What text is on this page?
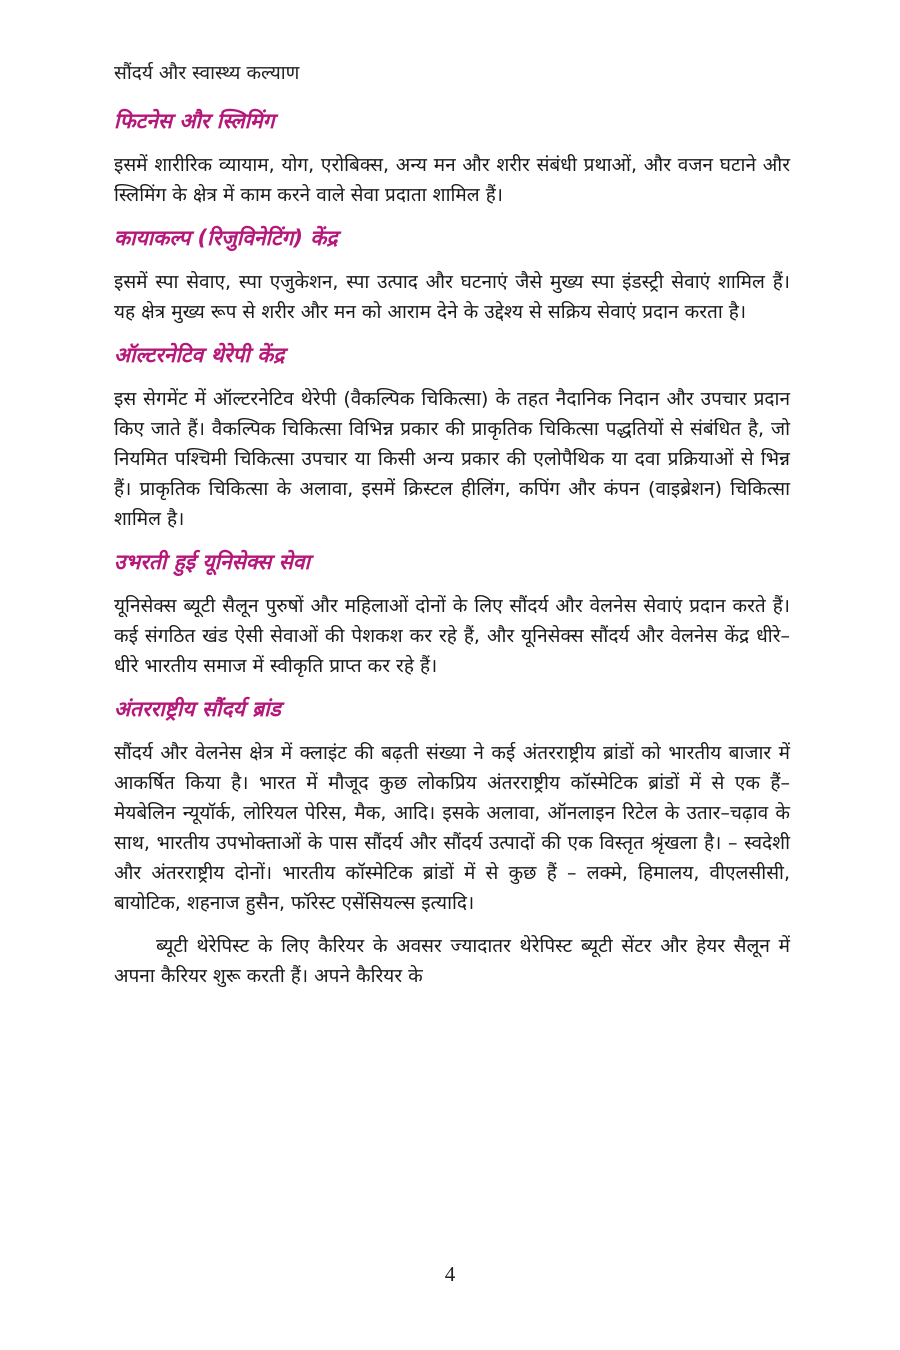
सौंदर्य और स्वास्थ्य कल्याण
फिटनेस और स्लिमिंग

इसमें शारीरिक व्यायाम, योग, एरोबिक्स, अन्य मन और शरीर संबंधी प्रथाओं, और वजन घटाने और स्लिमिंग के क्षेत्र में काम करने वाले सेवा प्रदाता शामिल हैं।

कायाकल्प (रिजुविनेटिंग) केंद्र

इसमें स्पा सेवाए, स्पा एजुकेशन, स्पा उत्पाद और घटनाएं जैसे मुख्य स्पा इंडस्ट्री सेवाएं शामिल हैं। यह क्षेत्र मुख्य रूप से शरीर और मन को आराम देने के उद्देश्य से सक्रिय सेवाएं प्रदान करता है।

ऑल्टरनेटिव थेरेपी केंद्र

इस सेगमेंट में ऑल्टरनेटिव थेरेपी (वैकल्पिक चिकित्सा) के तहत नैदानिक निदान और उपचार प्रदान किए जाते हैं। वैकल्पिक चिकित्सा विभिन्न प्रकार की प्राकृतिक चिकित्सा पद्धतियों से संबंधित है, जो नियमित पश्चिमी चिकित्सा उपचार या किसी अन्य प्रकार की एलोपैथिक या दवा प्रक्रियाओं से भिन्न हैं। प्राकृतिक चिकित्सा के अलावा, इसमें क्रिस्टल हीलिंग, कपिंग और कंपन (वाइब्रेशन) चिकित्सा शामिल है।

उभरती हुई यूनिसेक्स सेवा

यूनिसेक्स ब्यूटी सैलून पुरुषों और महिलाओं दोनों के लिए सौंदर्य और वेलनेस सेवाएं प्रदान करते हैं। कई संगठित खंड ऐसी सेवाओं की पेशकश कर रहे हैं, और यूनिसेक्स सौंदर्य और वेलनेस केंद्र धीरे–धीरे भारतीय समाज में स्वीकृति प्राप्त कर रहे हैं।

अंतरराष्ट्रीय सौंदर्य ब्रांड

सौंदर्य और वेलनेस क्षेत्र में क्लाइंट की बढ़ती संख्या ने कई अंतरराष्ट्रीय ब्रांडों को भारतीय बाजार में आकर्षित किया है। भारत में मौजूद कुछ लोकप्रिय अंतरराष्ट्रीय कॉस्मेटिक ब्रांडों में से एक हैं– मेयबेलिन न्यूयॉर्क, लोरियल पेरिस, मैक, आदि। इसके अलावा, ऑनलाइन रिटेल के उतार–चढ़ाव के साथ, भारतीय उपभोक्ताओं के पास सौंदर्य और सौंदर्य उत्पादों की एक विस्तृत श्रृंखला है। – स्वदेशी और अंतरराष्ट्रीय दोनों। भारतीय कॉस्मेटिक ब्रांडों में से कुछ हैं – लक्मे, हिमालय, वीएलसीसी, बायोटिक, शहनाज हुसैन, फॉरेस्ट एसेंसियल्स इत्यादि।

ब्यूटी थेरेपिस्ट के लिए कैरियर के अवसर ज्यादातर थेरेपिस्ट ब्यूटी सेंटर और हेयर सैलून में अपना कैरियर शुरू करती हैं। अपने कैरियर के

4
